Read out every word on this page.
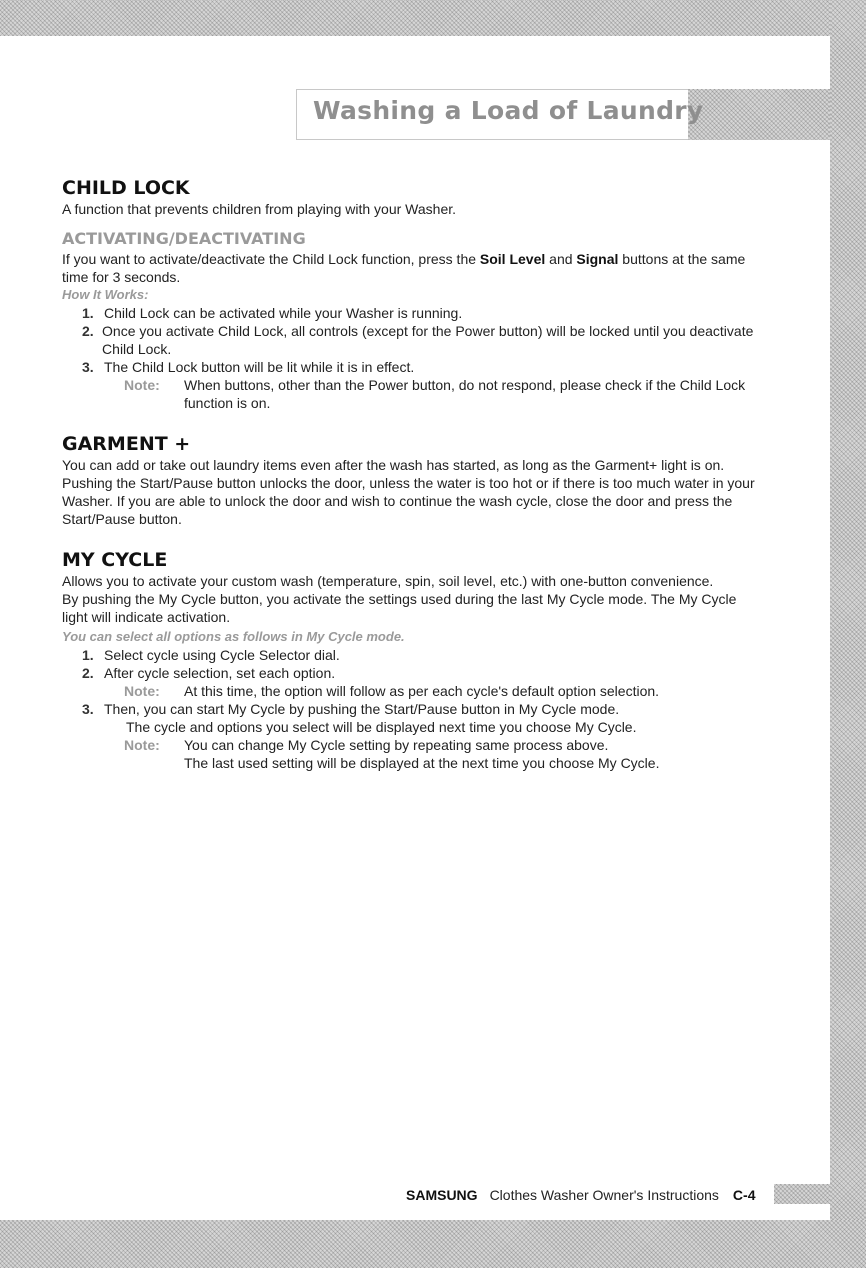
Washing a Load of Laundry
CHILD LOCK

A function that prevents children from playing with your Washer.

ACTIVATING/DEACTIVATING

If you want to activate/deactivate the Child Lock function, press the Soil Level and Signal buttons at the same time for 3 seconds.

How It Works:

1. Child Lock can be activated while your Washer is running.
2. Once you activate Child Lock, all controls (except for the Power button) will be locked until you deactivate Child Lock.
3. The Child Lock button will be lit while it is in effect.
Note:	When buttons, other than the Power button, do not respond, please check if the Child Lock function is on.
GARMENT +

You can add or take out laundry items even after the wash has started, as long as the Garment+ light is on. Pushing the Start/Pause button unlocks the door, unless the water is too hot or if there is too much water in your Washer. If you are able to unlock the door and wish to continue the wash cycle, close the door and press the Start/Pause button.

MY CYCLE

Allows you to activate your custom wash (temperature, spin, soil level, etc.) with one-button convenience.

By pushing the My Cycle button, you activate the settings used during the last My Cycle mode. The My Cycle light will indicate activation.

You can select all options as follows in My Cycle mode.

1. Select cycle using Cycle Selector dial.
2. After cycle selection, set each option.
Note:	At this time, the option will follow as per each cycle's default option selection.
3. Then, you can start My Cycle by pushing the Start/Pause button in My Cycle mode.

The cycle and options you select will be displayed next time you choose My Cycle.

Note:	You can change My Cycle setting by repeating same process above.

The last used setting will be displayed at the next time you choose My Cycle.

SAMSUNG Clothes Washer Owner's Instructions C-4
